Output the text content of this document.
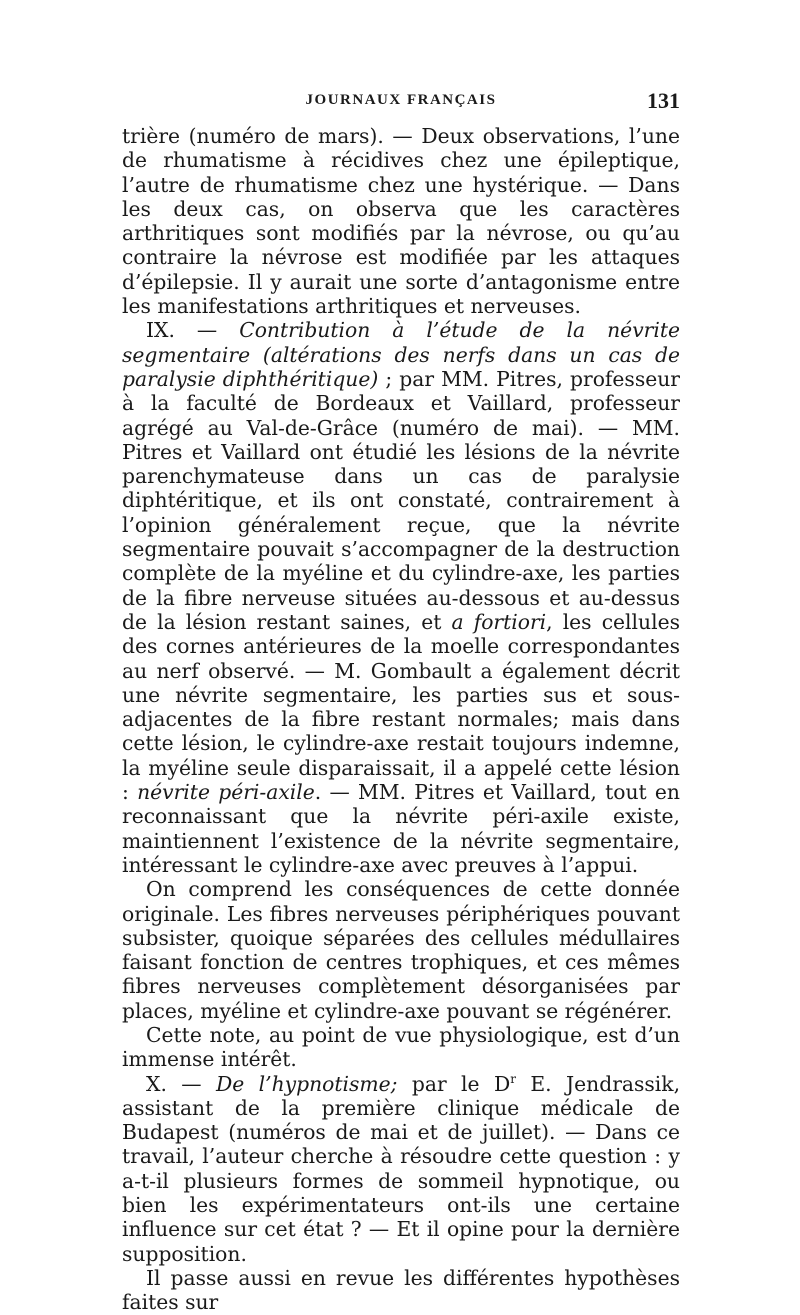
JOURNAUX FRANÇAIS	131

trière (numéro de mars). — Deux observations, l’une de rhumatisme à récidives chez une épileptique, l’autre de rhumatisme chez une hystérique. — Dans les deux cas, on observa que les caractères arthritiques sont modifiés par la névrose, ou qu’au contraire la névrose est modifiée par les attaques d’épilepsie. Il y aurait une sorte d’antagonisme entre les manifestations arthritiques et nerveuses.

IX. — Contribution à l’étude de la névrite segmentaire (altérations des nerfs dans un cas de paralysie diphthéritique) ; par MM. Pitres, professeur à la faculté de Bordeaux et Vaillard, professeur agrégé au Val-de-Grâce (numéro de mai). — MM. Pitres et Vaillard ont étudié les lésions de la névrite parenchymateuse dans un cas de paralysie diphtéritique, et ils ont constaté, contrairement à l’opinion généralement reçue, que la névrite segmentaire pouvait s’accompagner de la destruction complète de la myéline et du cylindre-axe, les parties de la fibre nerveuse situées au-dessous et au-dessus de la lésion restant saines, et a fortiori, les cellules des cornes antérieures de la moelle correspondantes au nerf observé. — M. Gombault a également décrit une névrite segmentaire, les parties sus et sous-adjacentes de la fibre restant normales; mais dans cette lésion, le cylindre-axe restait toujours indemne, la myéline seule disparaissait, il a appelé cette lésion : névrite péri-axile. — MM. Pitres et Vaillard, tout en reconnaissant que la névrite péri-axile existe, maintiennent l’existence de la névrite segmentaire, intéressant le cylindre-axe avec preuves à l’appui.

On comprend les conséquences de cette donnée originale. Les fibres nerveuses périphériques pouvant subsister, quoique séparées des cellules médullaires faisant fonction de centres trophiques, et ces mêmes fibres nerveuses complètement désorganisées par places, myéline et cylindre-axe pouvant se régénérer.

Cette note, au point de vue physiologique, est d’un immense intérêt.

X. — De l’hypnotisme; par le $D^r$ E. Jendrassik, assistant de la première clinique médicale de Budapest (numéros de mai et de juillet). — Dans ce travail, l’auteur cherche à résoudre cette question : y a-t-il plusieurs formes de sommeil hypnotique, ou bien les expérimentateurs ont-ils une certaine influence sur cet état ? — Et il opine pour la dernière supposition.

Il passe aussi en revue les différentes hypothèses faites sur
